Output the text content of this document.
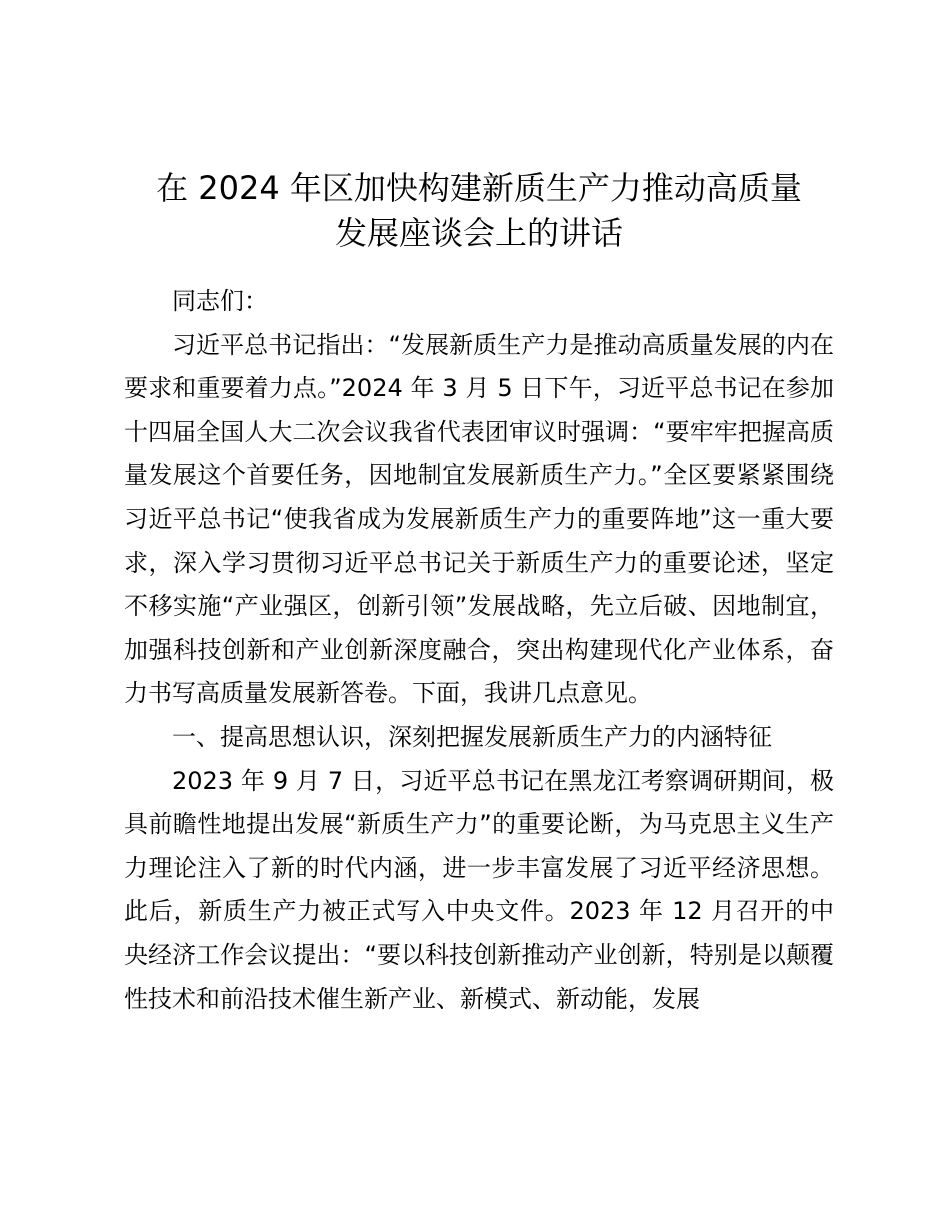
在 2024 年区加快构建新质生产力推动高质量
发展座谈会上的讲话

同志们：

习近平总书记指出：“发展新质生产力是推动高质量发展的内在要求和重要着力点。”2024 年 3 月 5 日下午，习近平总书记在参加十四届全国人大二次会议我省代表团审议时强调：“要牢牢把握高质量发展这个首要任务，因地制宜发展新质生产力。”全区要紧紧围绕习近平总书记“使我省成为发展新质生产力的重要阵地”这一重大要求，深入学习贯彻习近平总书记关于新质生产力的重要论述，坚定不移实施“产业强区，创新引领”发展战略，先立后破、因地制宜，加强科技创新和产业创新深度融合，突出构建现代化产业体系，奋力书写高质量发展新答卷。下面，我讲几点意见。

一、提高思想认识，深刻把握发展新质生产力的内涵特征

2023 年 9 月 7 日，习近平总书记在黑龙江考察调研期间，极具前瞻性地提出发展“新质生产力”的重要论断，为马克思主义生产力理论注入了新的时代内涵，进一步丰富发展了习近平经济思想。此后，新质生产力被正式写入中央文件。2023 年 12 月召开的中央经济工作会议提出：“要以科技创新推动产业创新，特别是以颠覆性技术和前沿技术催生新产业、新模式、新动能，发展
